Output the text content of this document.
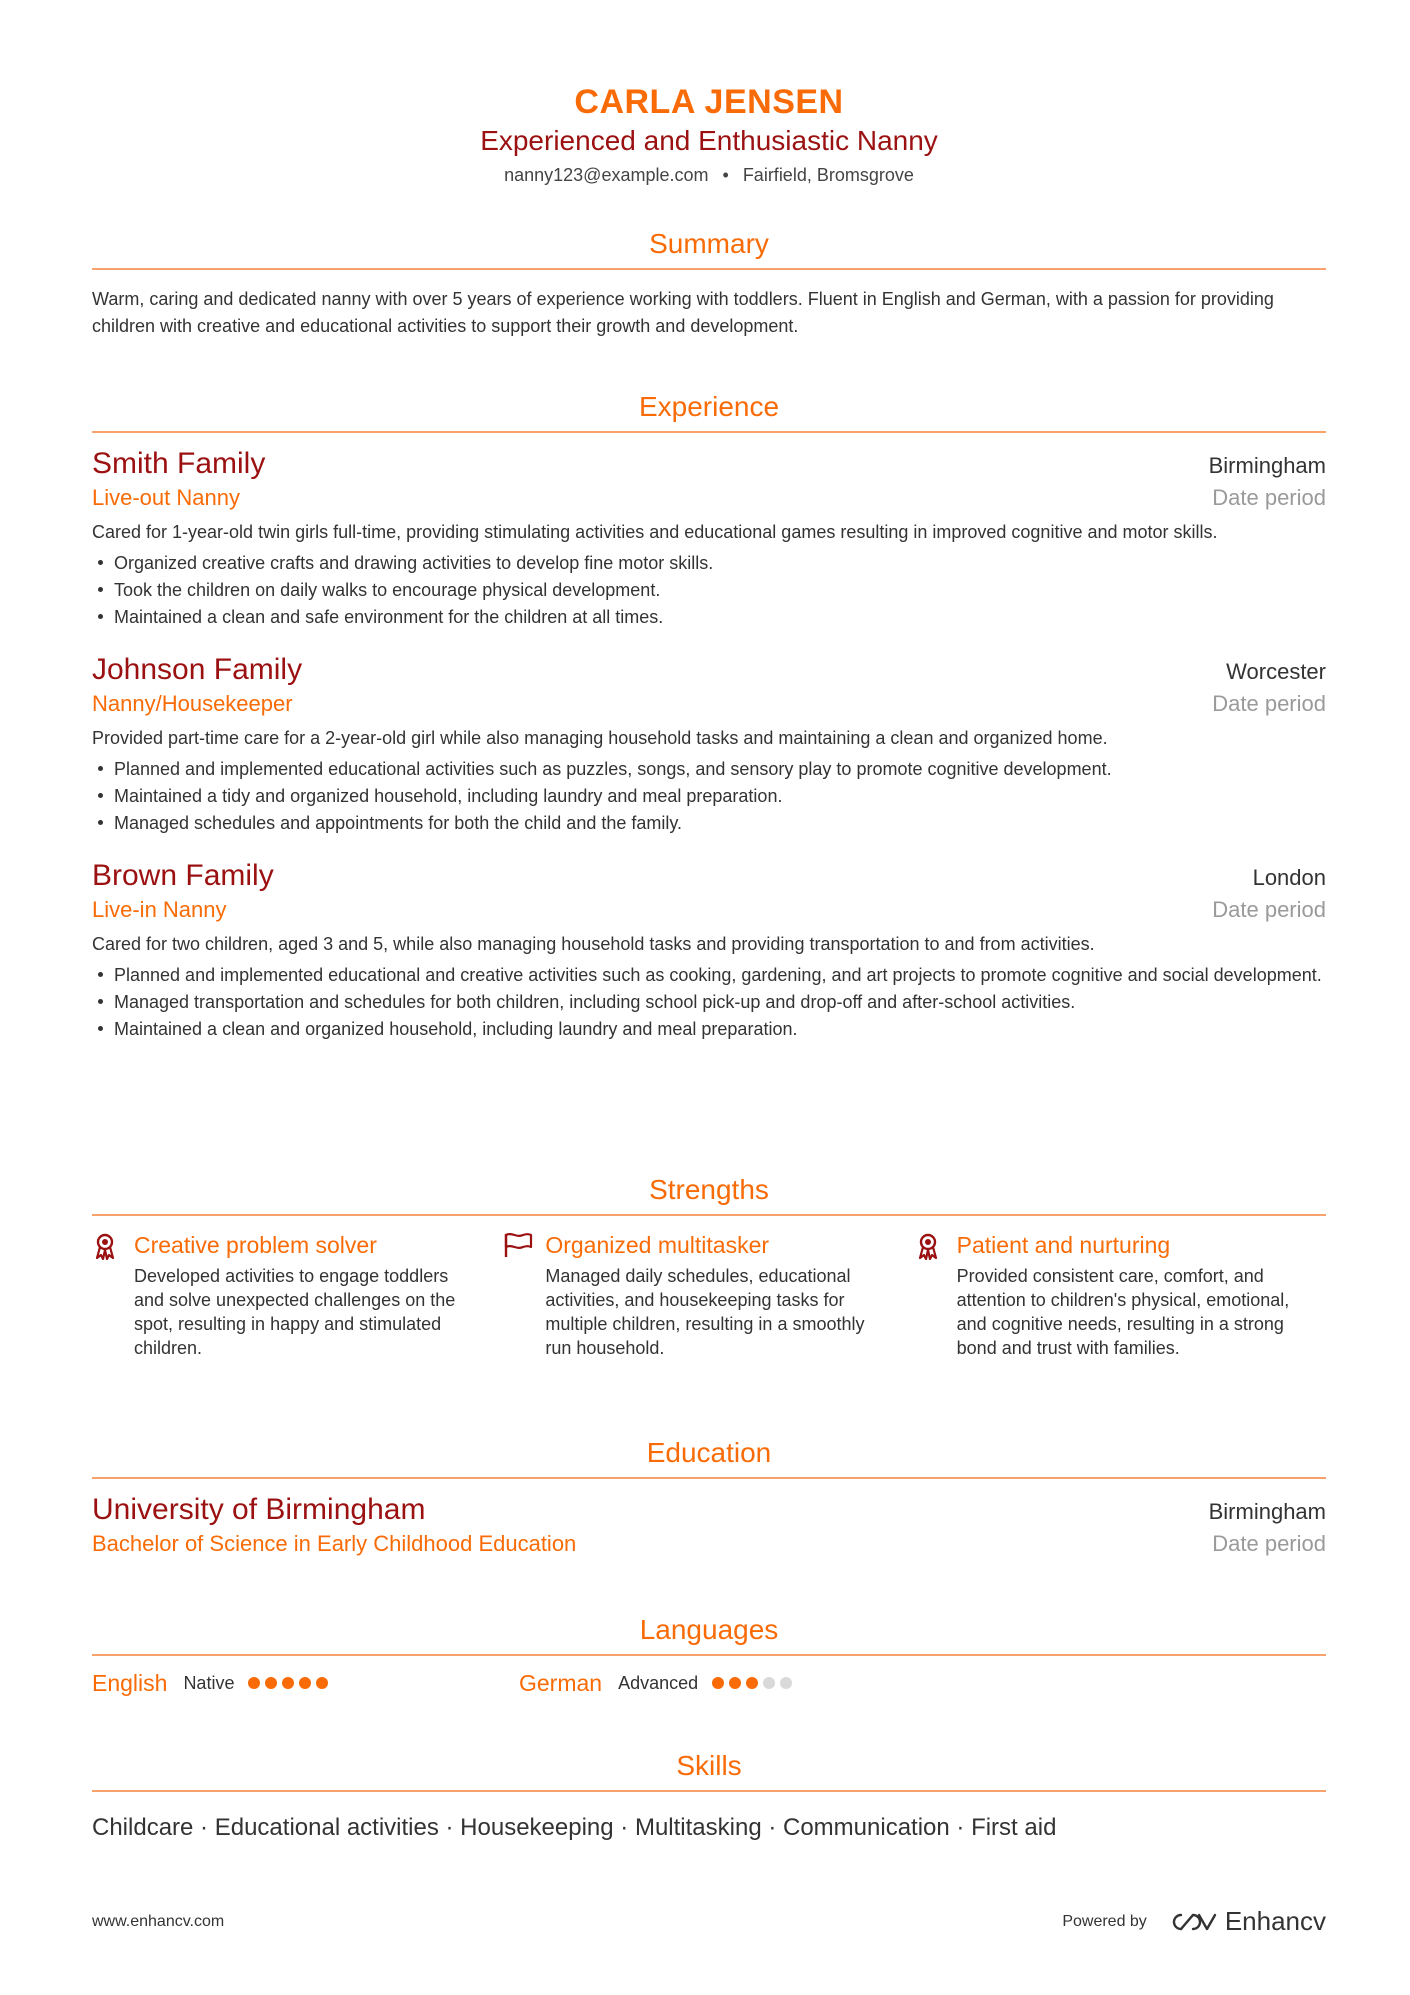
CARLA JENSEN
Experienced and Enthusiastic Nanny
nanny123@example.com • Fairfield, Bromsgrove
Summary
Warm, caring and dedicated nanny with over 5 years of experience working with toddlers. Fluent in English and German, with a passion for providing children with creative and educational activities to support their growth and development.
Experience
Smith Family	Birmingham
Live-out Nanny	Date period
Cared for 1-year-old twin girls full-time, providing stimulating activities and educational games resulting in improved cognitive and motor skills.
Organized creative crafts and drawing activities to develop fine motor skills.
Took the children on daily walks to encourage physical development.
Maintained a clean and safe environment for the children at all times.
Johnson Family	Worcester
Nanny/Housekeeper	Date period
Provided part-time care for a 2-year-old girl while also managing household tasks and maintaining a clean and organized home.
Planned and implemented educational activities such as puzzles, songs, and sensory play to promote cognitive development.
Maintained a tidy and organized household, including laundry and meal preparation.
Managed schedules and appointments for both the child and the family.
Brown Family	London
Live-in Nanny	Date period
Cared for two children, aged 3 and 5, while also managing household tasks and providing transportation to and from activities.
Planned and implemented educational and creative activities such as cooking, gardening, and art projects to promote cognitive and social development.
Managed transportation and schedules for both children, including school pick-up and drop-off and after-school activities.
Maintained a clean and organized household, including laundry and meal preparation.
Strengths
Creative problem solver
Developed activities to engage toddlers and solve unexpected challenges on the spot, resulting in happy and stimulated children.
Organized multitasker
Managed daily schedules, educational activities, and housekeeping tasks for multiple children, resulting in a smoothly run household.
Patient and nurturing
Provided consistent care, comfort, and attention to children's physical, emotional, and cognitive needs, resulting in a strong bond and trust with families.
Education
University of Birmingham	Birmingham
Bachelor of Science in Early Childhood Education	Date period
Languages
English Native	German Advanced
Skills
Childcare · Educational activities · Housekeeping · Multitasking · Communication · First aid
www.enhancv.com	Powered by	Enhancv
